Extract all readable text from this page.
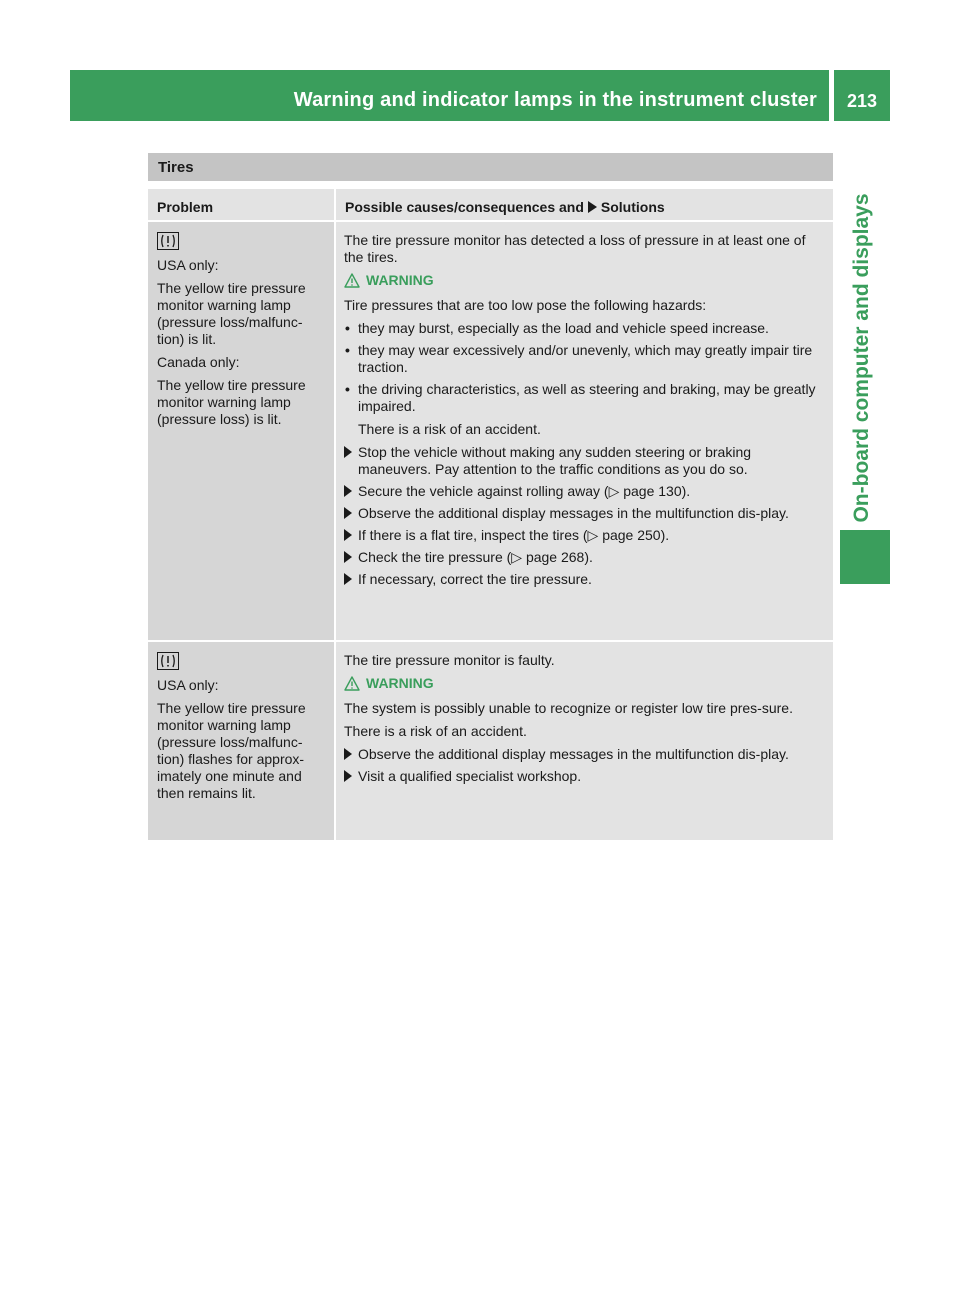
Warning and indicator lamps in the instrument cluster	213
On-board computer and displays
Tires
Problem	Possible causes/consequences and Solutions

USA only:

The yellow tire pressure monitor warning lamp (pressure loss/malfunc-tion) is lit.

Canada only:

The yellow tire pressure monitor warning lamp (pressure loss) is lit.

The tire pressure monitor has detected a loss of pressure in at least one of the tires.

WARNING

Tire pressures that are too low pose the following hazards:

• they may burst, especially as the load and vehicle speed increase.
• they may wear excessively and/or unevenly, which may greatly impair tire traction.
• the driving characteristics, as well as steering and braking, may be greatly impaired.

There is a risk of an accident.

Stop the vehicle without making any sudden steering or braking maneuvers. Pay attention to the traffic conditions as you do so.
Secure the vehicle against rolling away (▷ page 130).
Observe the additional display messages in the multifunction dis-play.
If there is a flat tire, inspect the tires (▷ page 250).
Check the tire pressure (▷ page 268).
If necessary, correct the tire pressure.

USA only:

The yellow tire pressure monitor warning lamp (pressure loss/malfunc-tion) flashes for approx-imately one minute and then remains lit.

The tire pressure monitor is faulty.

WARNING

The system is possibly unable to recognize or register low tire pres-sure.

There is a risk of an accident.

Observe the additional display messages in the multifunction dis-play.
Visit a qualified specialist workshop.
